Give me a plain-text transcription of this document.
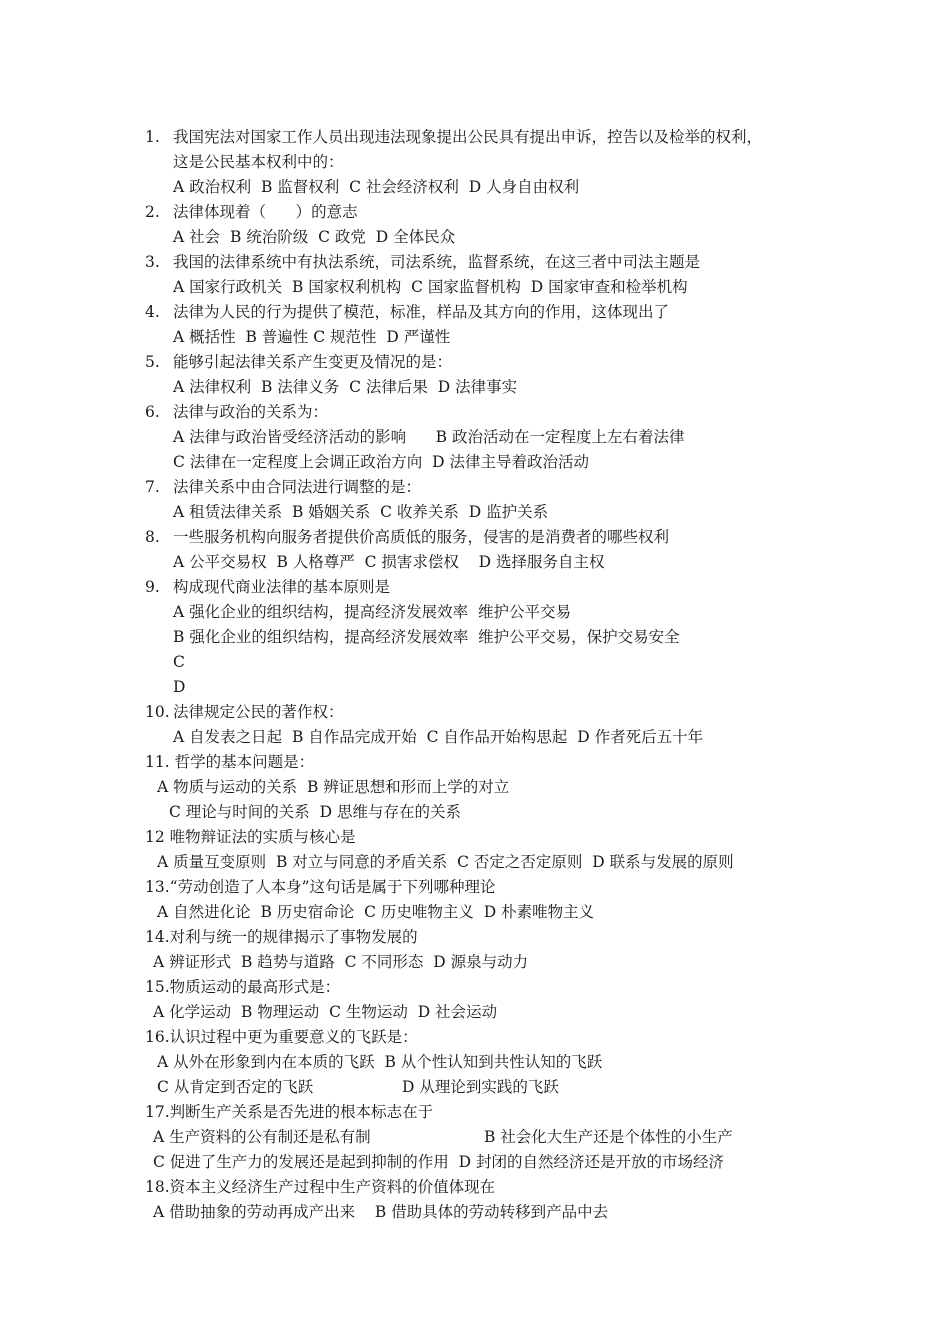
1. 我国宪法对国家工作人员出现违法现象提出公民具有提出申诉，控告以及检举的权利，
这是公民基本权利中的：
A 政治权利  B 监督权利  C 社会经济权利  D 人身自由权利
2. 法律体现着（      ）的意志
A 社会  B 统治阶级  C 政党  D 全体民众
3. 我国的法律系统中有执法系统，司法系统，监督系统，在这三者中司法主题是
A 国家行政机关  B 国家权利机构  C 国家监督机构  D 国家审查和检举机构
4. 法律为人民的行为提供了模范，标准，样品及其方向的作用，这体现出了
A 概括性  B 普遍性 C 规范性  D 严谨性
5. 能够引起法律关系产生变更及情况的是：
A 法律权利  B 法律义务  C 法律后果  D 法律事实
6. 法律与政治的关系为：
A 法律与政治皆受经济活动的影响      B 政治活动在一定程度上左右着法律
C 法律在一定程度上会调正政治方向  D 法律主导着政治活动
7. 法律关系中由合同法进行调整的是：
A 租赁法律关系  B 婚姻关系  C 收养关系  D 监护关系
8. 一些服务机构向服务者提供价高质低的服务，侵害的是消费者的哪些权利
A 公平交易权  B 人格尊严  C 损害求偿权    D 选择服务自主权
9. 构成现代商业法律的基本原则是
A 强化企业的组织结构，提高经济发展效率  维护公平交易
B 强化企业的组织结构，提高经济发展效率  维护公平交易，保护交易安全
C
D
10. 法律规定公民的著作权：
A 自发表之日起  B 自作品完成开始  C 自作品开始构思起  D 作者死后五十年
11. 哲学的基本问题是：
A 物质与运动的关系  B 辨证思想和形而上学的对立
C 理论与时间的关系  D 思维与存在的关系
12 唯物辩证法的实质与核心是
A 质量互变原则  B 对立与同意的矛盾关系  C 否定之否定原则  D 联系与发展的原则
13.“劳动创造了人本身”这句话是属于下列哪种理论
A 自然进化论  B 历史宿命论  C 历史唯物主义  D 朴素唯物主义
14.对利与统一的规律揭示了事物发展的
A 辨证形式  B 趋势与道路  C 不同形态  D 源泉与动力
15.物质运动的最高形式是：
A 化学运动  B 物理运动  C 生物运动  D 社会运动
16.认识过程中更为重要意义的飞跃是：
A 从外在形象到内在本质的飞跃  B 从个性认知到共性认知的飞跃
C 从肯定到否定的飞跃                  D 从理论到实践的飞跃
17.判断生产关系是否先进的根本标志在于
A 生产资料的公有制还是私有制                       B 社会化大生产还是个体性的小生产
C 促进了生产力的发展还是起到抑制的作用  D 封闭的自然经济还是开放的市场经济
18.资本主义经济生产过程中生产资料的价值体现在
A 借助抽象的劳动再成产出来    B 借助具体的劳动转移到产品中去
